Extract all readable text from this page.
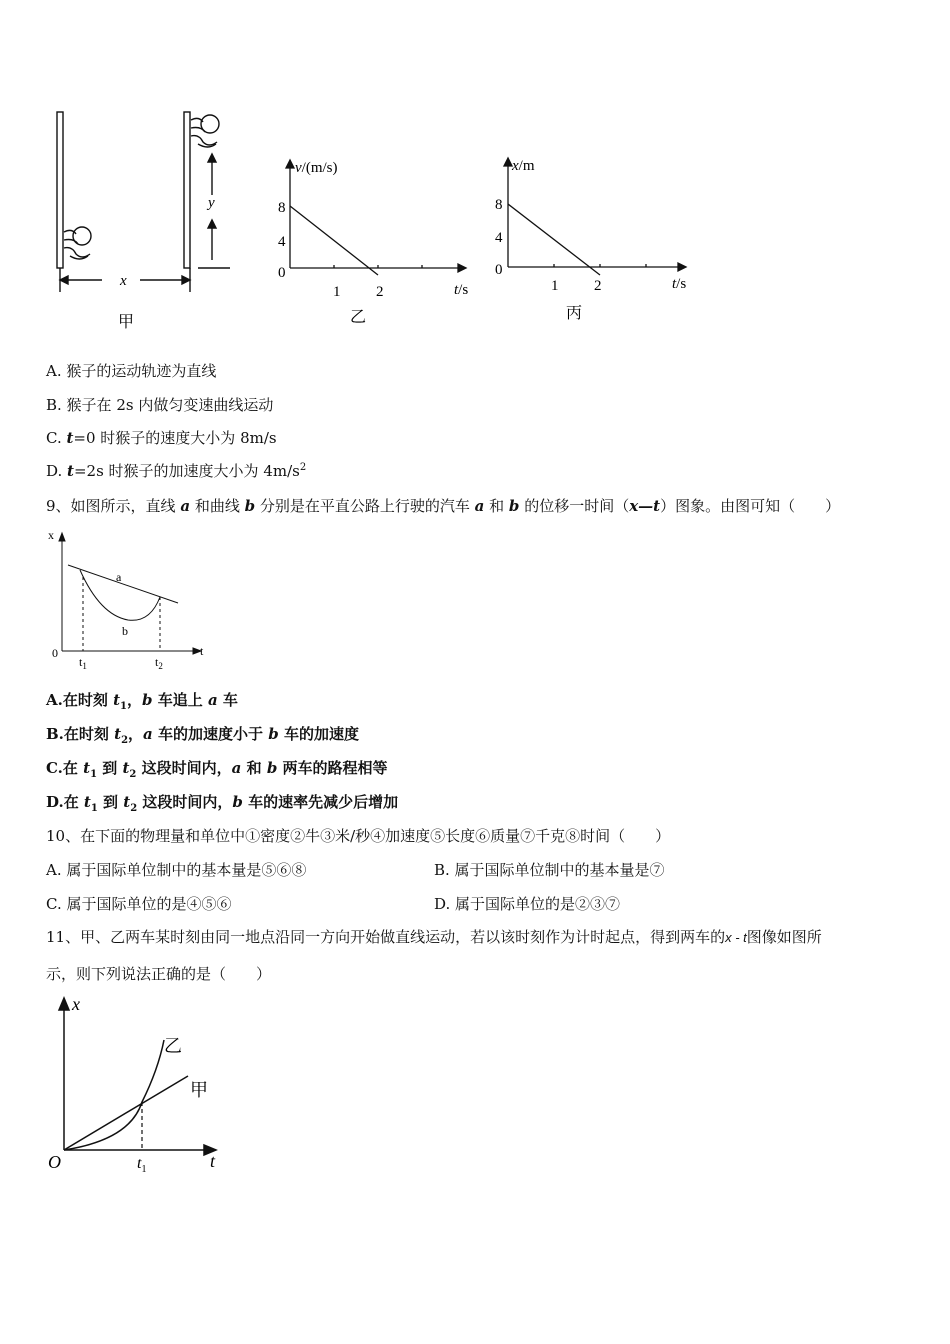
x
y
甲
v/(m/s)
8
4
0
1 2	t/s
乙
x/m
8
4
0
1 2	t/s
丙
A. 猴子的运动轨迹为直线
B. 猴子在 2s 内做匀变速曲线运动
C. t=0 时猴子的速度大小为 8m/s
D. t=2s 时猴子的加速度大小为 $4m/s^2$
9、如图所示，直线 a 和曲线 b 分别是在平直公路上行驶的汽车 a 和 b 的位移一时间（x—t）图象。由图可知（　　）
x
t
0
a
b
$t_1$	$t_2$
A.在时刻 $t_1$，b 车追上 a 车
B.在时刻 $t_2$，a 车的加速度小于 b 车的加速度
C.在 $t_1$ 到 $t_2$ 这段时间内，a 和 b 两车的路程相等
D.在 $t_1$ 到 $t_2$ 这段时间内，b 车的速率先减少后增加
10、在下面的物理量和单位中①密度②牛③米/秒④加速度⑤长度⑥质量⑦千克⑧时间（　　）
A. 属于国际单位制中的基本量是⑤⑥⑧	B. 属于国际单位制中的基本量是⑦
C. 属于国际单位的是④⑤⑥	D. 属于国际单位的是②③⑦
11、甲、乙两车某时刻由同一地点沿同一方向开始做直线运动，若以该时刻作为计时起点，得到两车的x - t图像如图所
示，则下列说法正确的是（　　）
x
t
O
乙
甲
$t_1$
